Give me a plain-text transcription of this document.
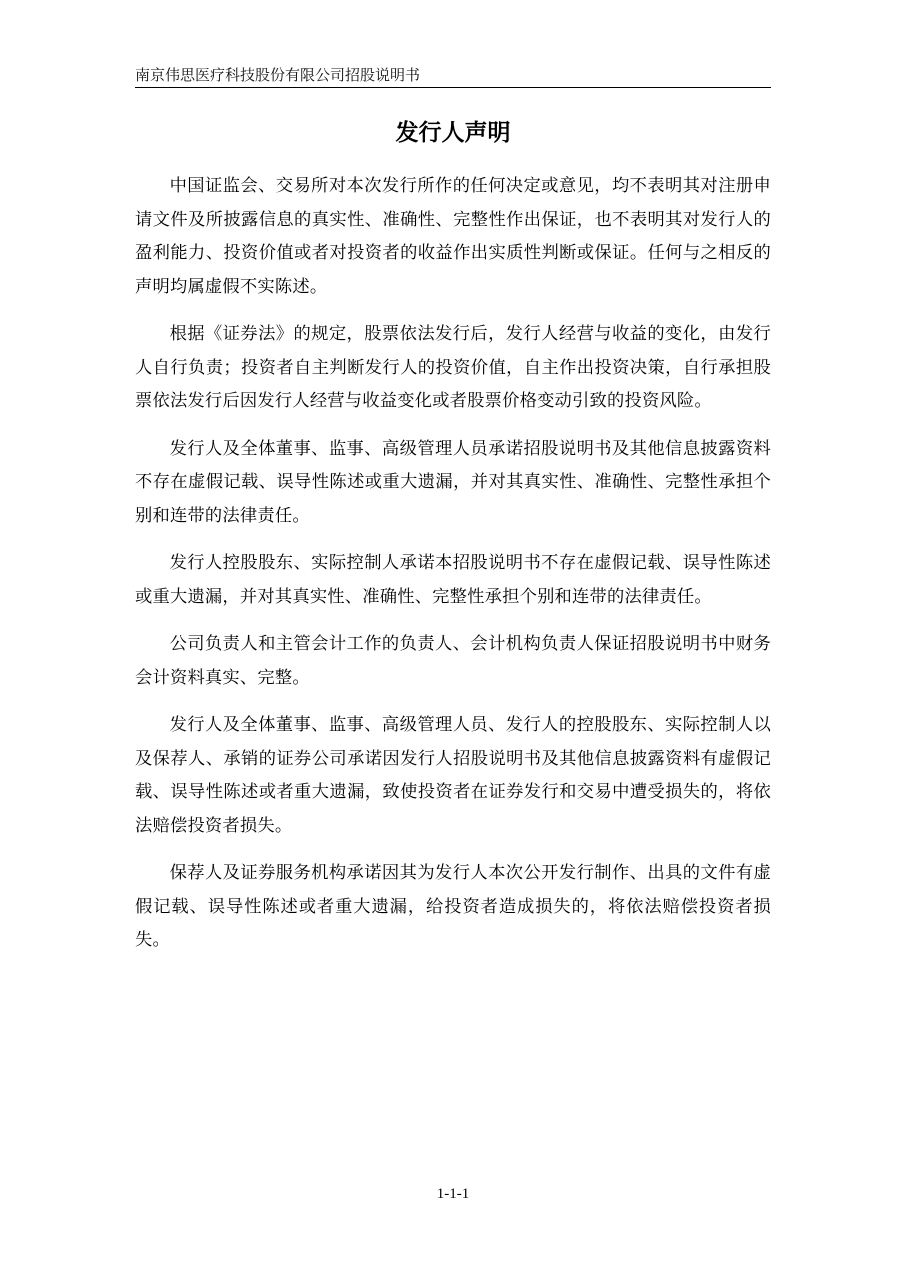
南京伟思医疗科技股份有限公司招股说明书
发行人声明

中国证监会、交易所对本次发行所作的任何决定或意见，均不表明其对注册申请文件及所披露信息的真实性、准确性、完整性作出保证，也不表明其对发行人的盈利能力、投资价值或者对投资者的收益作出实质性判断或保证。任何与之相反的声明均属虚假不实陈述。

根据《证券法》的规定，股票依法发行后，发行人经营与收益的变化，由发行人自行负责；投资者自主判断发行人的投资价值，自主作出投资决策，自行承担股票依法发行后因发行人经营与收益变化或者股票价格变动引致的投资风险。

发行人及全体董事、监事、高级管理人员承诺招股说明书及其他信息披露资料不存在虚假记载、误导性陈述或重大遗漏，并对其真实性、准确性、完整性承担个别和连带的法律责任。

发行人控股股东、实际控制人承诺本招股说明书不存在虚假记载、误导性陈述或重大遗漏，并对其真实性、准确性、完整性承担个别和连带的法律责任。

公司负责人和主管会计工作的负责人、会计机构负责人保证招股说明书中财务会计资料真实、完整。

发行人及全体董事、监事、高级管理人员、发行人的控股股东、实际控制人以及保荐人、承销的证券公司承诺因发行人招股说明书及其他信息披露资料有虚假记载、误导性陈述或者重大遗漏，致使投资者在证券发行和交易中遭受损失的，将依法赔偿投资者损失。

保荐人及证券服务机构承诺因其为发行人本次公开发行制作、出具的文件有虚假记载、误导性陈述或者重大遗漏，给投资者造成损失的，将依法赔偿投资者损失。

1-1-1
